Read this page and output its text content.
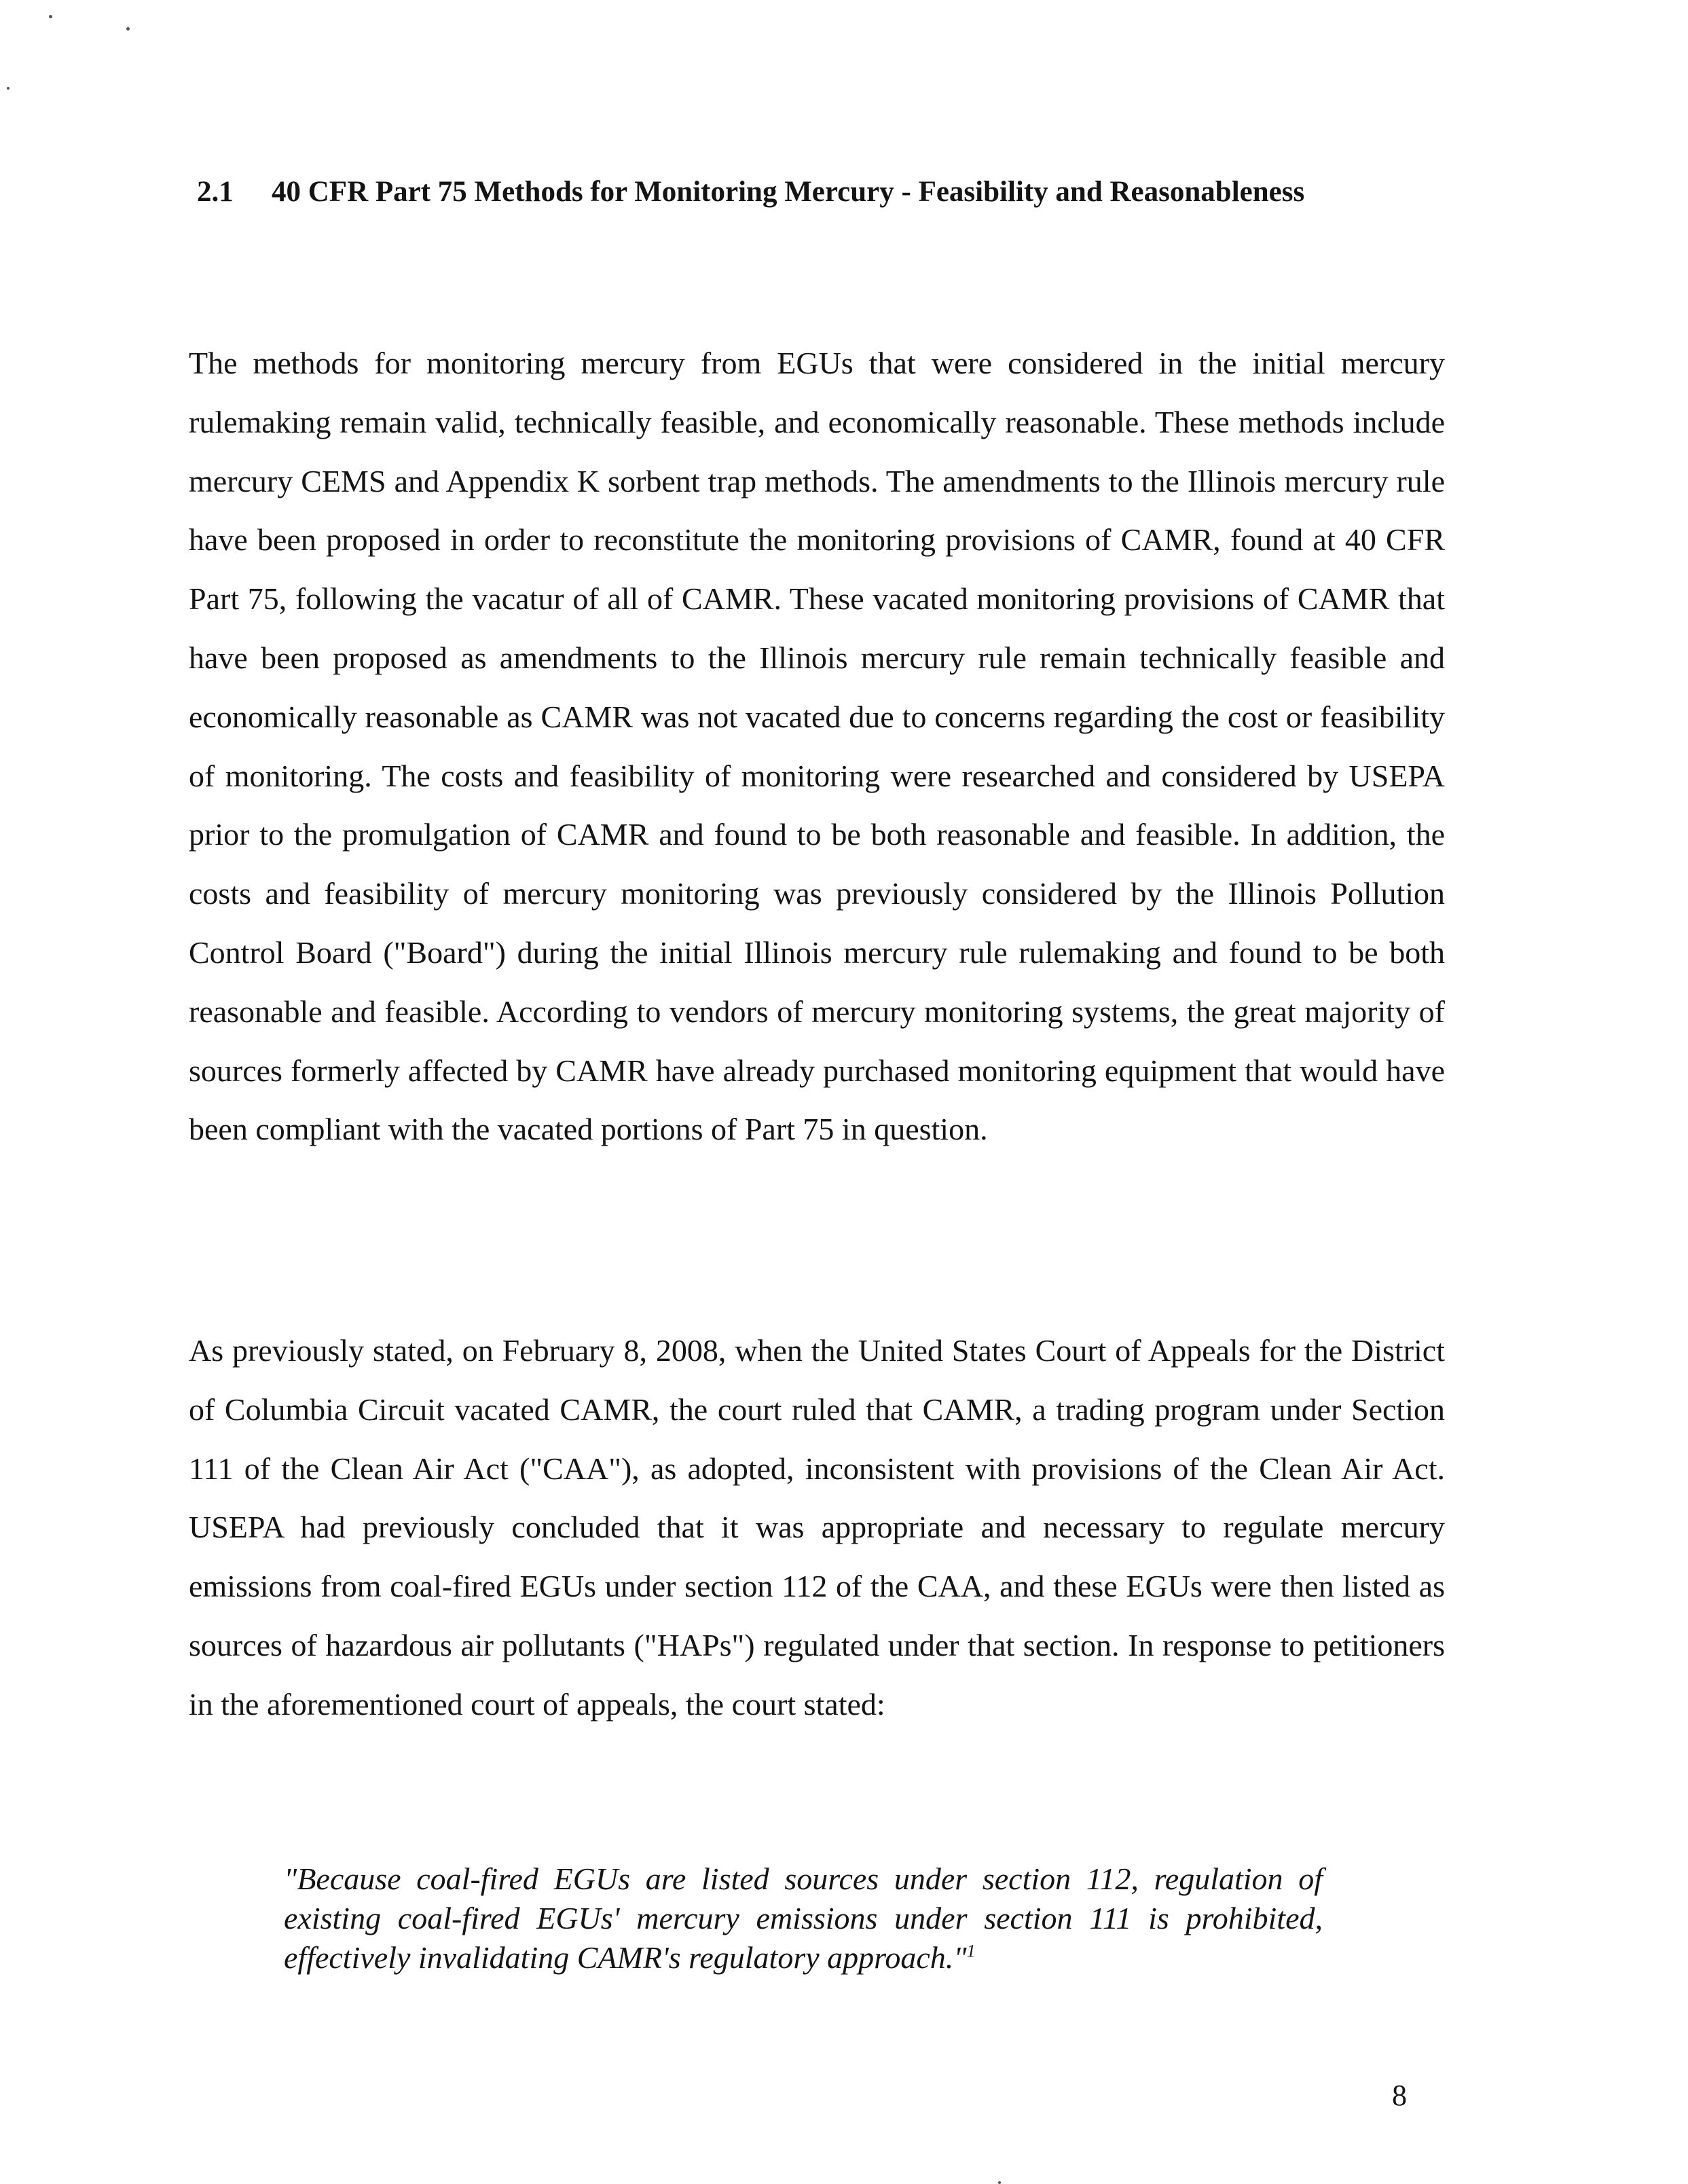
2.1 40 CFR Part 75 Methods for Monitoring Mercury - Feasibility and Reasonableness

The methods for monitoring mercury from EGUs that were considered in the initial mercury rulemaking remain valid, technically feasible, and economically reasonable. These methods include mercury CEMS and Appendix K sorbent trap methods. The amendments to the Illinois mercury rule have been proposed in order to reconstitute the monitoring provisions of CAMR, found at 40 CFR Part 75, following the vacatur of all of CAMR. These vacated monitoring provisions of CAMR that have been proposed as amendments to the Illinois mercury rule remain technically feasible and economically reasonable as CAMR was not vacated due to concerns regarding the cost or feasibility of monitoring. The costs and feasibility of monitoring were researched and considered by USEPA prior to the promulgation of CAMR and found to be both reasonable and feasible. In addition, the costs and feasibility of mercury monitoring was previously considered by the Illinois Pollution Control Board ("Board") during the initial Illinois mercury rule rulemaking and found to be both reasonable and feasible. According to vendors of mercury monitoring systems, the great majority of sources formerly affected by CAMR have already purchased monitoring equipment that would have been compliant with the vacated portions of Part 75 in question.

As previously stated, on February 8, 2008, when the United States Court of Appeals for the District of Columbia Circuit vacated CAMR, the court ruled that CAMR, a trading program under Section 111 of the Clean Air Act ("CAA"), as adopted, inconsistent with provisions of the Clean Air Act. USEPA had previously concluded that it was appropriate and necessary to regulate mercury emissions from coal-fired EGUs under section 112 of the CAA, and these EGUs were then listed as sources of hazardous air pollutants ("HAPs") regulated under that section. In response to petitioners in the aforementioned court of appeals, the court stated:

"Because coal-fired EGUs are listed sources under section 112, regulation of existing coal-fired EGUs' mercury emissions under section 111 is prohibited, effectively invalidating CAMR's regulatory approach."$^1$

8
